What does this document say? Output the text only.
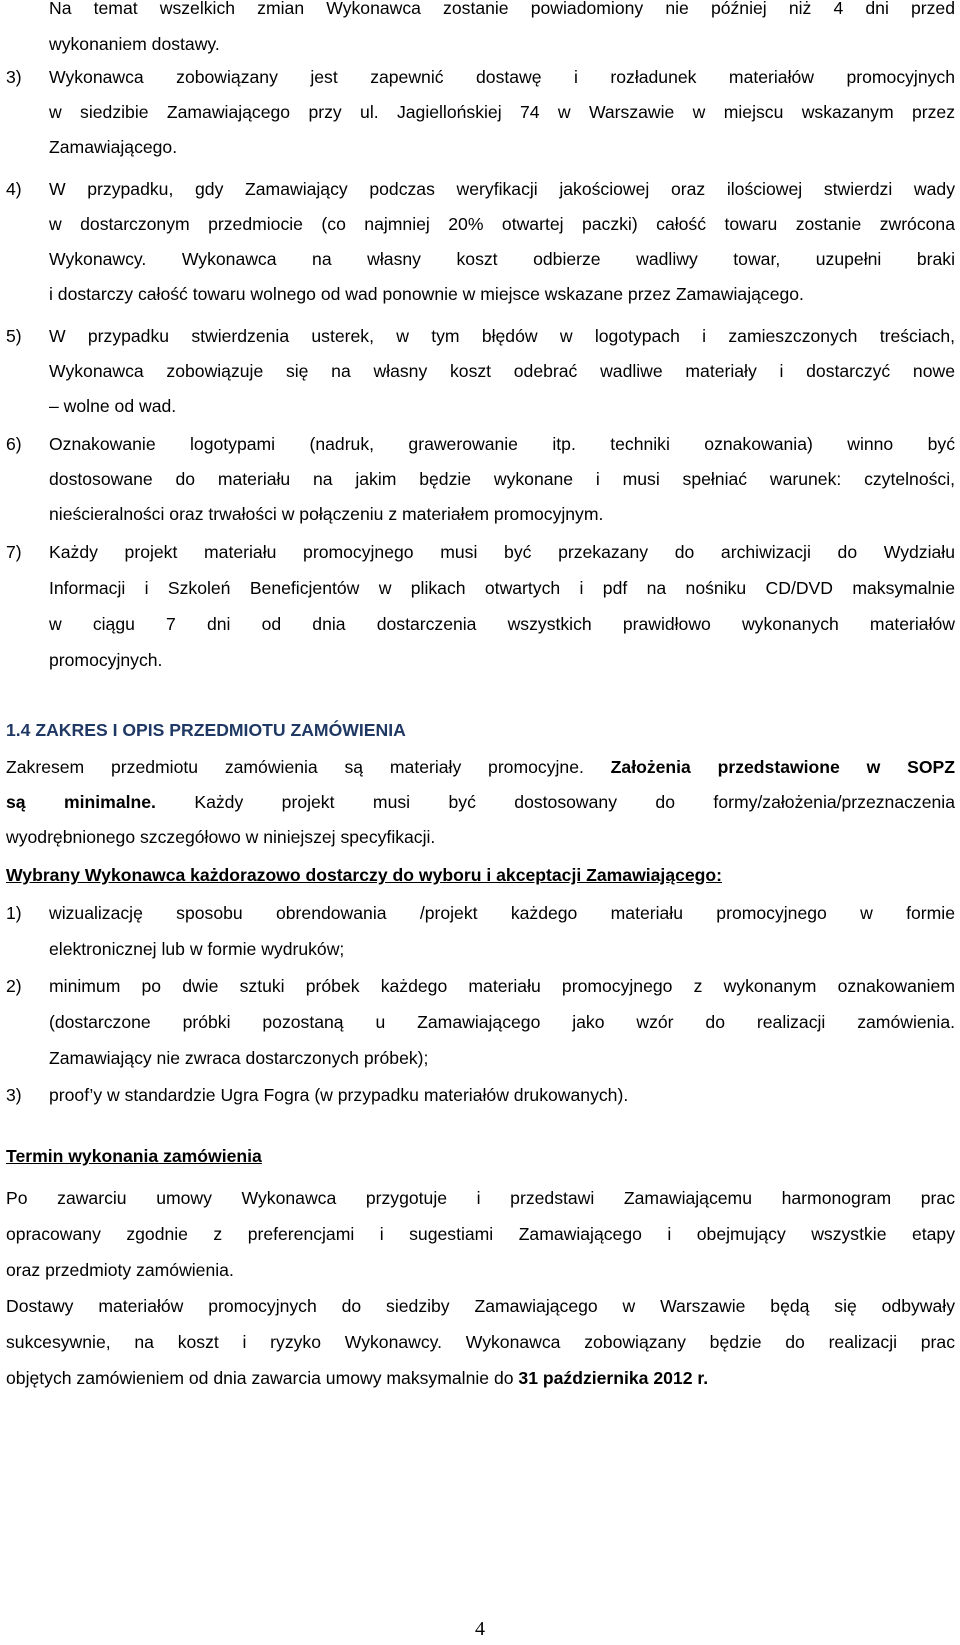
Na temat wszelkich zmian Wykonawca zostanie powiadomiony nie później niż 4 dni przed
wykonaniem dostawy.
3) Wykonawca zobowiązany jest zapewnić dostawę i rozładunek materiałów promocyjnych
w siedzibie Zamawiającego przy ul. Jagiellońskiej 74 w Warszawie w miejscu wskazanym przez
Zamawiającego.
4) W przypadku, gdy Zamawiający podczas weryfikacji jakościowej oraz ilościowej stwierdzi wady
w dostarczonym przedmiocie (co najmniej 20% otwartej paczki) całość towaru zostanie zwrócona
Wykonawcy. Wykonawca na własny koszt odbierze wadliwy towar, uzupełni braki
i dostarczy całość towaru wolnego od wad ponownie w miejsce wskazane przez Zamawiającego.
5) W przypadku stwierdzenia usterek, w tym błędów w logotypach i zamieszczonych treściach,
Wykonawca zobowiązuje się na własny koszt odebrać wadliwe materiały i dostarczyć nowe
– wolne od wad.
6) Oznakowanie logotypami (nadruk, grawerowanie itp. techniki oznakowania) winno być
dostosowane do materiału na jakim będzie wykonane i musi spełniać warunek: czytelności,
nieścieralności oraz trwałości w połączeniu z materiałem promocyjnym.
7) Każdy projekt materiału promocyjnego musi być przekazany do archiwizacji do Wydziału
Informacji i Szkoleń Beneficjentów w plikach otwartych i pdf na nośniku CD/DVD maksymalnie
w ciągu 7 dni od dnia dostarczenia wszystkich prawidłowo wykonanych materiałów
promocyjnych.
1.4 ZAKRES I OPIS PRZEDMIOTU ZAMÓWIENIA
Zakresem przedmiotu zamówienia są materiały promocyjne. Założenia przedstawione w SOPZ
są minimalne. Każdy projekt musi być dostosowany do formy/założenia/przeznaczenia
wyodrębnionego szczegółowo w niniejszej specyfikacji.
Wybrany Wykonawca każdorazowo dostarczy do wyboru i akceptacji Zamawiającego:
1) wizualizację sposobu obrendowania /projekt każdego materiału promocyjnego w formie
elektronicznej lub w formie wydruków;
2) minimum po dwie sztuki próbek każdego materiału promocyjnego z wykonanym oznakowaniem
(dostarczone próbki pozostaną u Zamawiającego jako wzór do realizacji zamówienia.
Zamawiający nie zwraca dostarczonych próbek);
3) proof’y w standardzie Ugra Fogra (w przypadku materiałów drukowanych).
Termin wykonania zamówienia
Po zawarciu umowy Wykonawca przygotuje i przedstawi Zamawiającemu harmonogram prac
opracowany zgodnie z preferencjami i sugestiami Zamawiającego i obejmujący wszystkie etapy
oraz przedmioty zamówienia.
Dostawy materiałów promocyjnych do siedziby Zamawiającego w Warszawie będą się odbywały
sukcesywnie, na koszt i ryzyko Wykonawcy. Wykonawca zobowiązany będzie do realizacji prac
objętych zamówieniem od dnia zawarcia umowy maksymalnie do 31 października 2012 r.
4
